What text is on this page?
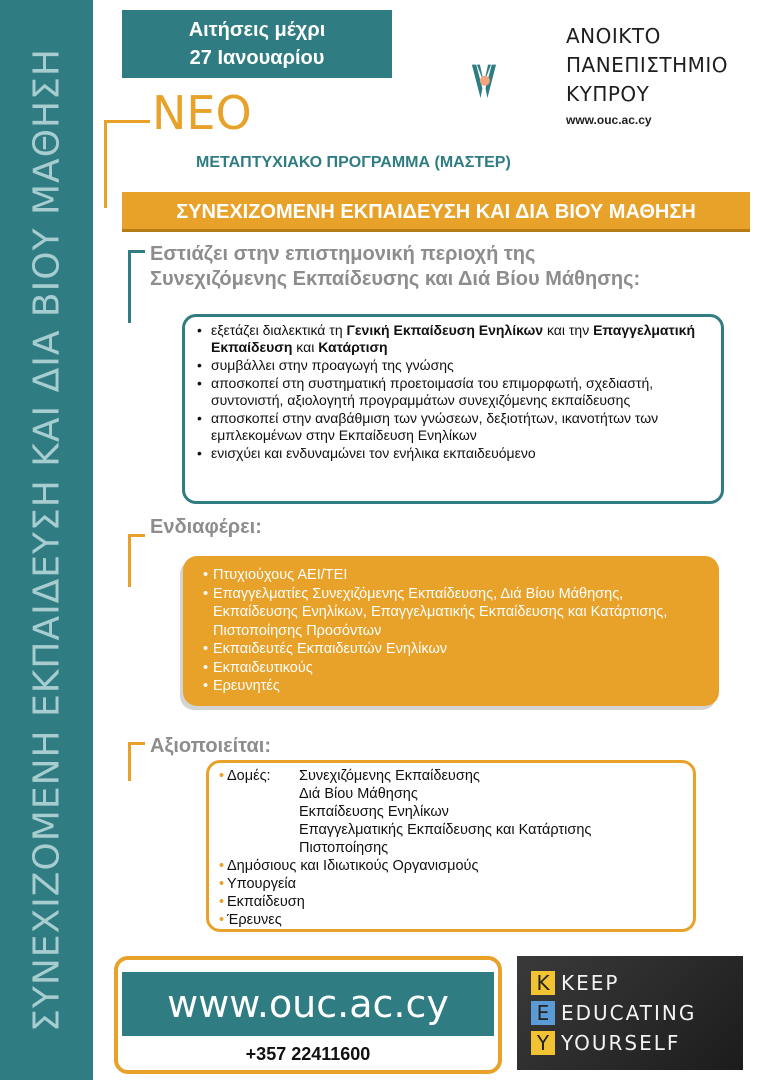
ΣΥΝΕΧΙΖΟΜΕΝΗ ΕΚΠΑΙΔΕΥΣΗ ΚΑΙ ΔΙΑ ΒΙΟΥ ΜΑΘΗΣΗ
Αιτήσεις μέχρι
27 Ιανουαρίου
ΑΝΟΙΚΤΟ
ΠΑΝΕΠΙΣΤΗΜΙΟ
ΚΥΠΡΟΥ
www.ouc.ac.cy
ΝΕΟ
ΜΕΤΑΠΤΥΧΙΑΚΟ ΠΡΟΓΡΑΜΜΑ (ΜΑΣΤΕΡ)
ΣΥΝΕΧΙΖΟΜΕΝΗ ΕΚΠΑΙΔΕΥΣΗ ΚΑΙ ΔΙΑ ΒΙΟΥ ΜΑΘΗΣΗ
Εστιάζει στην επιστημονική περιοχή της
Συνεχιζόμενης Εκπαίδευσης και Διά Βίου Μάθησης:
• εξετάζει διαλεκτικά τη Γενική Εκπαίδευση Ενηλίκων και την Επαγγελματική Εκπαίδευση και Κατάρτιση
• συμβάλλει στην προαγωγή της γνώσης
• αποσκοπεί στη συστηματική προετοιμασία του επιμορφωτή, σχεδιαστή, συντονιστή, αξιολογητή προγραμμάτων συνεχιζόμενης εκπαίδευσης
• αποσκοπεί στην αναβάθμιση των γνώσεων, δεξιοτήτων, ικανοτήτων των εμπλεκομένων στην Εκπαίδευση Ενηλίκων
• ενισχύει και ενδυναμώνει τον ενήλικα εκπαιδευόμενο
Ενδιαφέρει:
• Πτυχιούχους ΑΕΙ/ΤΕΙ
• Επαγγελματίες Συνεχιζόμενης Εκπαίδευσης, Διά Βίου Μάθησης, Εκπαίδευσης Ενηλίκων, Επαγγελματικής Εκπαίδευσης και Κατάρτισης, Πιστοποίησης Προσόντων
• Εκπαιδευτές Εκπαιδευτών Ενηλίκων
• Εκπαιδευτικούς
• Ερευνητές
Αξιοποιείται:
• Δομές:	Συνεχιζόμενης Εκπαίδευσης
Διά Βίου Μάθησης
Εκπαίδευσης Ενηλίκων
Επαγγελματικής Εκπαίδευσης και Κατάρτισης
Πιστοποίησης
• Δημόσιους και Ιδιωτικούς Οργανισμούς
• Υπουργεία
• Εκπαίδευση
• Έρευνες
www.ouc.ac.cy
+357 22411600
K KEEP
E EDUCATING
Y YOURSELF
